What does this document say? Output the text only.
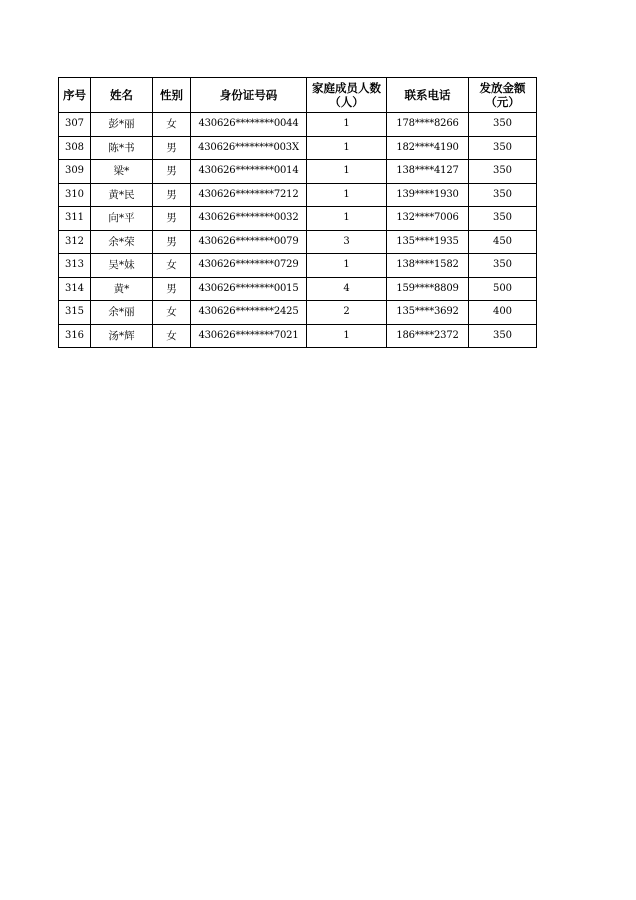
序号	姓名	性别	身份证号码	家庭成员人数（人）	联系电话	发放金额（元）
307	彭*丽	女	430626********0044	1	178****8266	350
308	陈*书	男	430626********003X	1	182****4190	350
309	梁*	男	430626********0014	1	138****4127	350
310	黄*民	男	430626********7212	1	139****1930	350
311	向*平	男	430626********0032	1	132****7006	350
312	余*荣	男	430626********0079	3	135****1935	450
313	吴*妹	女	430626********0729	1	138****1582	350
314	黄*	男	430626********0015	4	159****8809	500
315	余*丽	女	430626********2425	2	135****3692	400
316	汤*辉	女	430626********7021	1	186****2372	350
